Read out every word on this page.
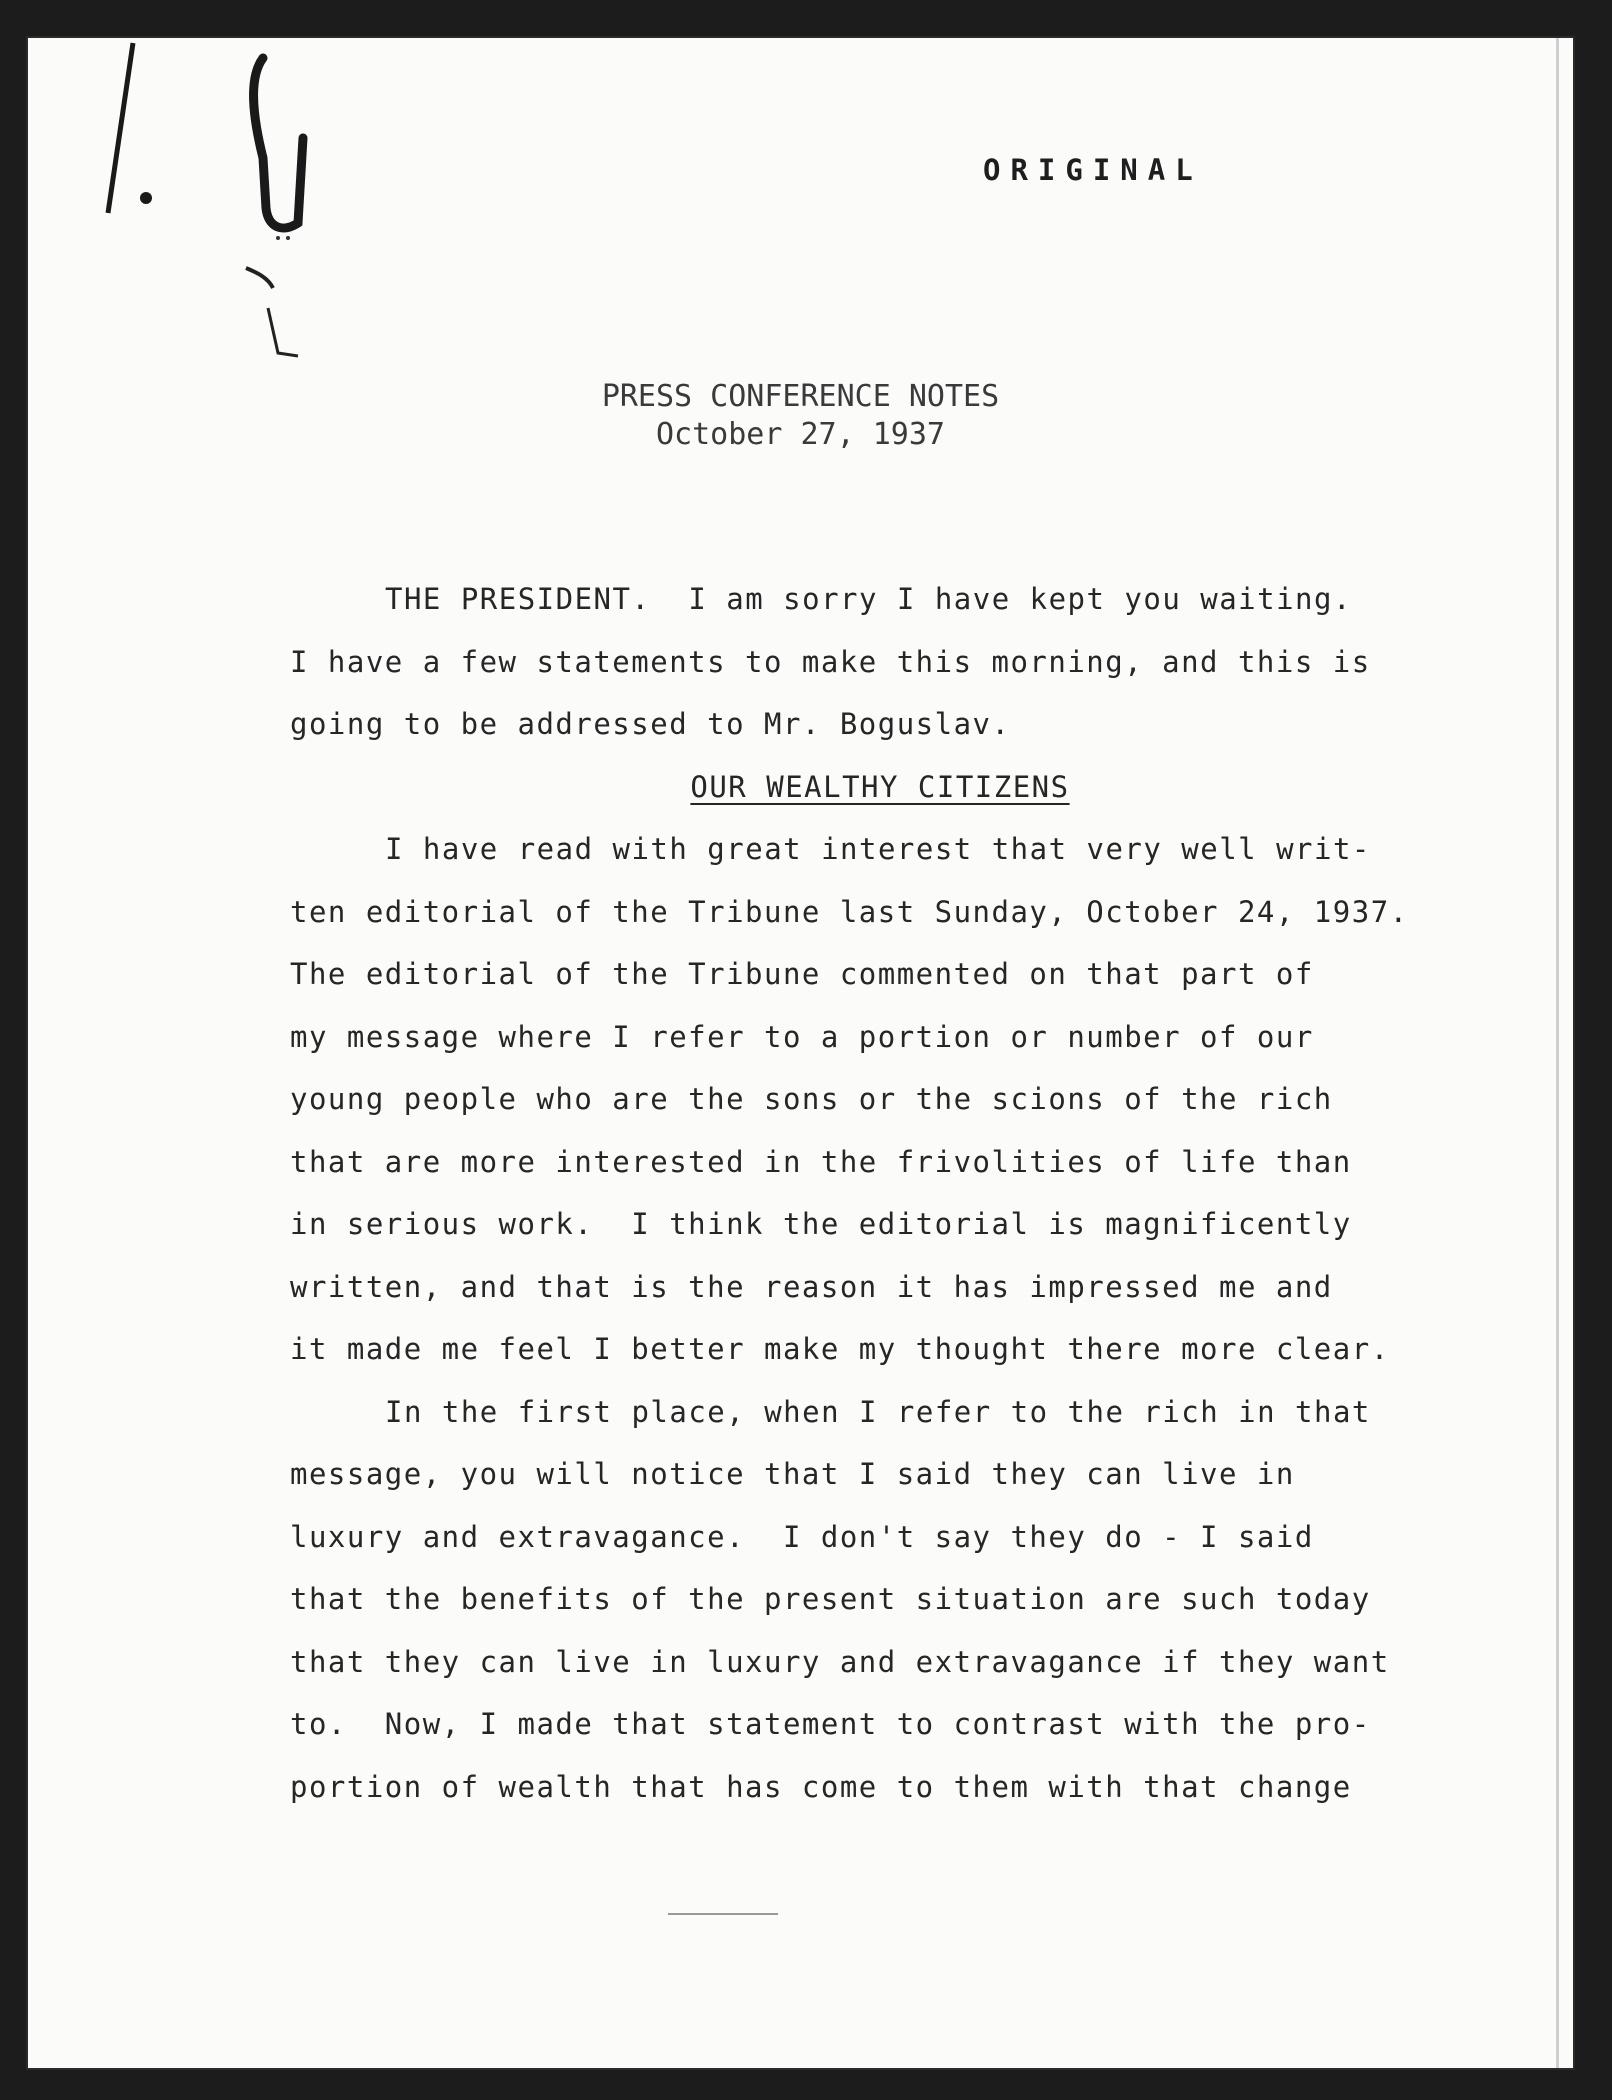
ORIGINAL
PRESS CONFERENCE NOTES
October 27, 1937
THE PRESIDENT.  I am sorry I have kept you waiting.
I have a few statements to make this morning, and this is
going to be addressed to Mr. Boguslav.
OUR WEALTHY CITIZENS
I have read with great interest that very well writ-
ten editorial of the Tribune last Sunday, October 24, 1937.
The editorial of the Tribune commented on that part of
my message where I refer to a portion or number of our
young people who are the sons or the scions of the rich
that are more interested in the frivolities of life than
in serious work.  I think the editorial is magnificently
written, and that is the reason it has impressed me and
it made me feel I better make my thought there more clear.
In the first place, when I refer to the rich in that
message, you will notice that I said they can live in
luxury and extravagance.  I don't say they do - I said
that the benefits of the present situation are such today
that they can live in luxury and extravagance if they want
to.  Now, I made that statement to contrast with the pro-
portion of wealth that has come to them with that change
